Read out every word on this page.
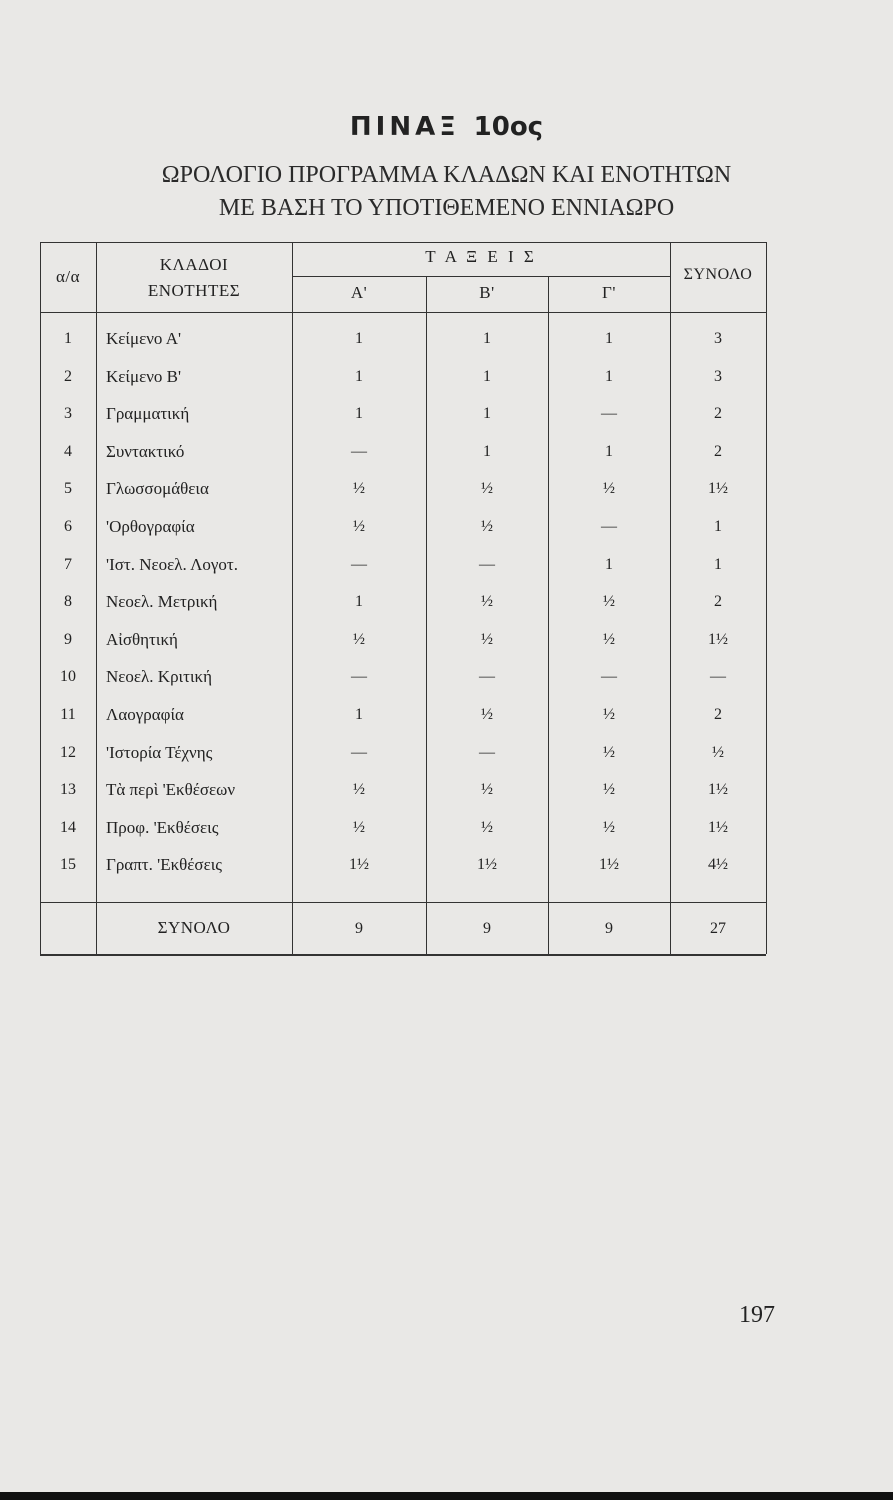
ΠΙΝΑΞ 10ος
ΩΡΟΛΟΓΙΟ ΠΡΟΓΡΑΜΜΑ ΚΛΑΔΩΝ ΚΑΙ ΕΝΟΤΗΤΩΝ
ΜΕ ΒΑΣΗ ΤΟ ΥΠΟΤΙΘΕΜΕΝΟ ΕΝΝΙΑΩΡΟ
α/α
ΚΛΑΔΟΙ
ΕΝΟΤΗΤΕΣ
Τ Α Ξ Ε Ι Σ
Α'	Β'	Γ'
ΣΥΝΟΛΟ
1	Κείμενο Α'	1	1	1	3
2	Κείμενο Β'	1	1	1	3
3	Γραμματική	1	1	—	2
4	Συντακτικό	—	1	1	2
5	Γλωσσομάθεια	½	½	½	1½
6	'Ορθογραφία	½	½	—	1
7	'Ιστ. Νεοελ. Λογοτ.	—	—	1	1
8	Νεοελ. Μετρική	1	½	½	2
9	Αἰσθητική	½	½	½	1½
10	Νεοελ. Κριτική	—	—	—	—
11	Λαογραφία	1	½	½	2
12	'Ιστορία Τέχνης	—	—	½	½
13	Τὰ περὶ 'Εκθέσεων	½	½	½	1½
14	Προφ. 'Εκθέσεις	½	½	½	1½
15	Γραπτ. 'Εκθέσεις	1½	1½	1½	4½
ΣΥΝΟΛΟ	9	9	9	27
197
